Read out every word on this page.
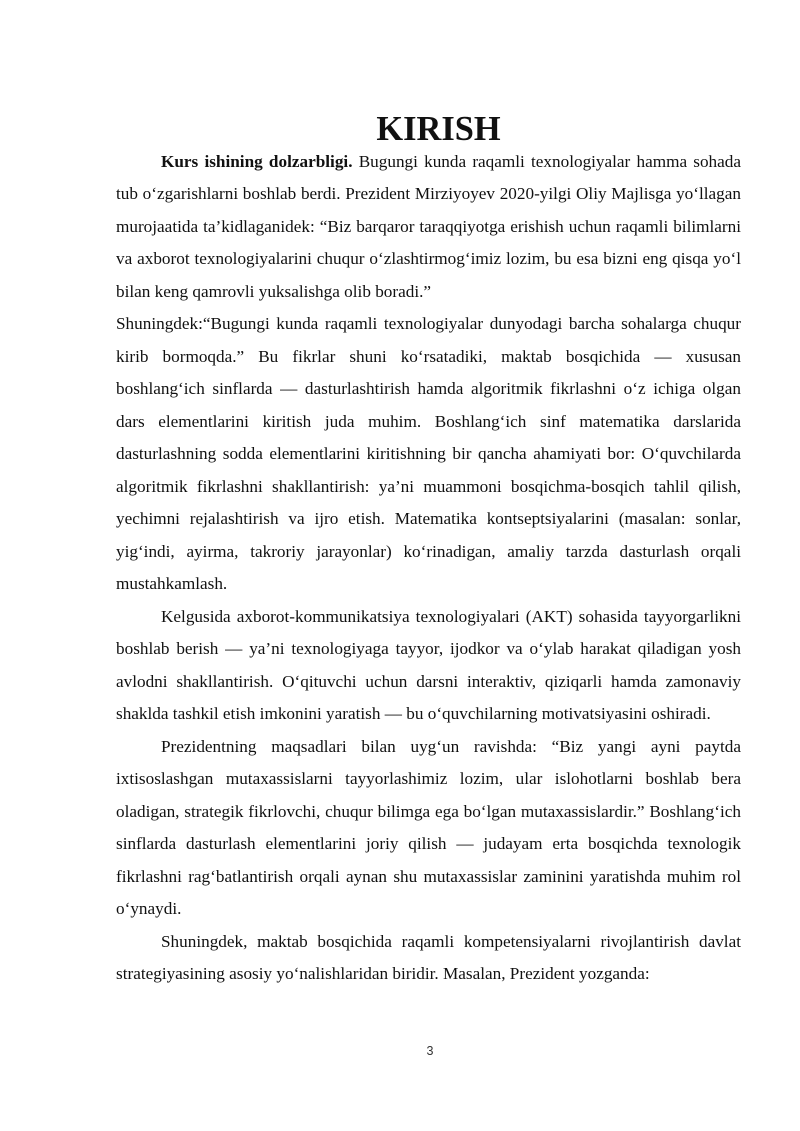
KIRISH

Kurs ishining dolzarbligi. Bugungi kunda raqamli texnologiyalar hamma sohada tub o‘zgarishlarni boshlab berdi. Prezident Mirziyoyev 2020-yilgi Oliy Majlisga yo‘llagan murojaatida ta’kidlaganidek: “Biz barqaror taraqqiyotga erishish uchun raqamli bilimlarni va axborot texnologiyalarini chuqur o‘zlashtirmog‘imiz lozim, bu esa bizni eng qisqa yo‘l bilan keng qamrovli yuksalishga olib boradi.”

Shuningdek:“Bugungi kunda raqamli texnologiyalar dunyodagi barcha sohalarga chuqur kirib bormoqda.” Bu fikrlar shuni ko‘rsatadiki, maktab bosqichida — xususan boshlang‘ich sinflarda — dasturlashtirish hamda algoritmik fikrlashni o‘z ichiga olgan dars elementlarini kiritish juda muhim. Boshlang‘ich sinf matematika darslarida dasturlashning sodda elementlarini kiritishning bir qancha ahamiyati bor: O‘quvchilarda algoritmik fikrlashni shakllantirish: ya’ni muammoni bosqichma-bosqich tahlil qilish, yechimni rejalashtirish va ijro etish. Matematika kontseptsiyalarini (masalan: sonlar, yig‘indi, ayirma, takroriy jarayonlar) ko‘rinadigan, amaliy tarzda dasturlash orqali mustahkamlash.

Kelgusida axborot-kommunikatsiya texnologiyalari (AKT) sohasida tayyorgarlikni boshlab berish — ya’ni texnologiyaga tayyor, ijodkor va o‘ylab harakat qiladigan yosh avlodni shakllantirish. O‘qituvchi uchun darsni interaktiv, qiziqarli hamda zamonaviy shaklda tashkil etish imkonini yaratish — bu o‘quvchilarning motivatsiyasini oshiradi.

Prezidentning maqsadlari bilan uyg‘un ravishda: “Biz yangi ayni paytda ixtisoslashgan mutaxassislarni tayyorlashimiz lozim, ular islohotlarni boshlab bera oladigan, strategik fikrlovchi, chuqur bilimga ega bo‘lgan mutaxassislardir.” Boshlang‘ich sinflarda dasturlash elementlarini joriy qilish — judayam erta bosqichda texnologik fikrlashni rag‘batlantirish orqali aynan shu mutaxassislar zaminini yaratishda muhim rol o‘ynaydi.

Shuningdek, maktab bosqichida raqamli kompetensiyalarni rivojlantirish davlat strategiyasining asosiy yo‘nalishlaridan biridir. Masalan, Prezident yozganda:

3
